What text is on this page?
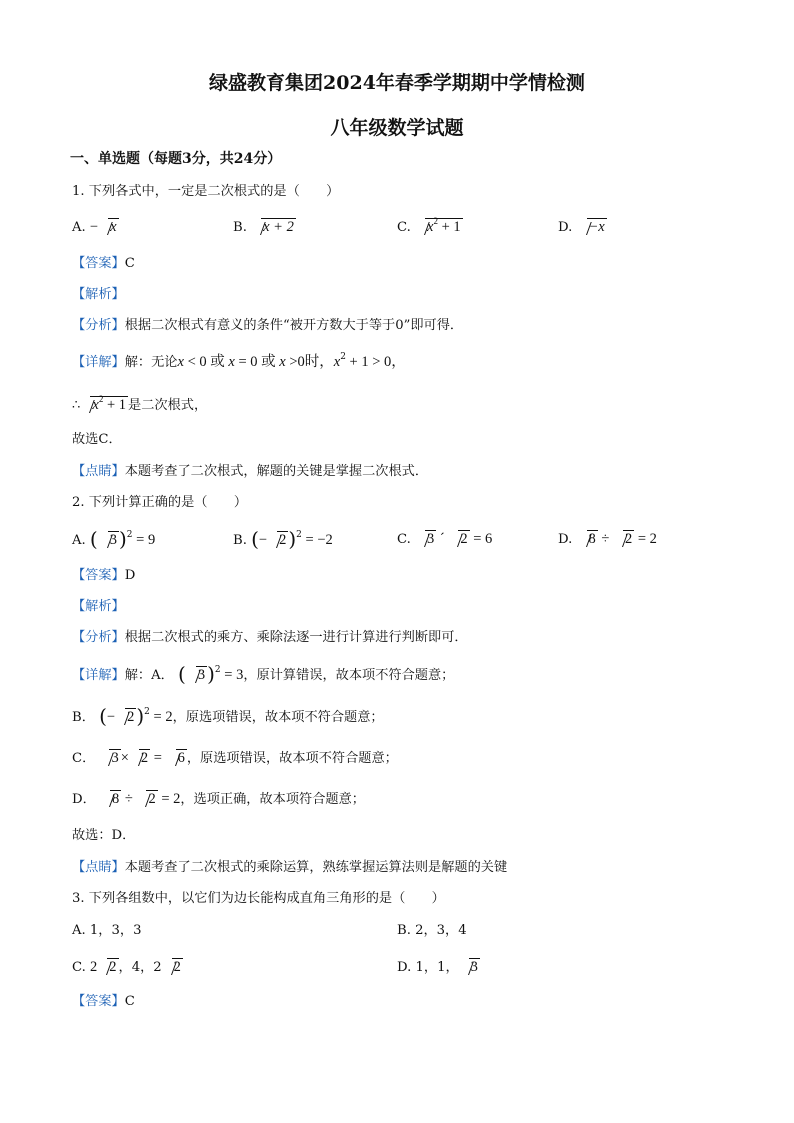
绿盛教育集团2024年春季学期期中学情检测
八年级数学试题
一、单选题（每题3分，共24分）
1. 下列各式中，一定是二次根式的是（　　）
A. − x	B. x + 2	C. $x^2 + 1$	D. −x
【答案】C
【解析】
【分析】根据二次根式有意义的条件“被开方数大于等于0”即可得．
【详解】解：无论x < 0 或 x = 0 或 x >0时，$x^2 + 1 > 0$，
∴ $x^2 + 1$ 是二次根式，
故选C．
【点睛】本题考查了二次根式，解题的关键是掌握二次根式．
2. 下列计算正确的是（　　）
A. ( 3 )$^2$ = 9	B. (− 2 )$^2$ = −2	C. 3 ´ 2 = 6	D. 8 ÷ 2 = 2
【答案】D
【解析】
【分析】根据二次根式的乘方、乘除法逐一进行计算进行判断即可．
【详解】解：A． ( 3 )$^2$ = 3，原计算错误，故本项不符合题意；
B． (− 2 )$^2$ = 2，原选项错误，故本项不符合题意；
C． 3 × 2 = 6 ，原选项错误，故本项不符合题意；
D． 8 ÷ 2 = 2，选项正确，故本项符合题意；
故选：D．
【点睛】本题考查了二次根式的乘除运算，熟练掌握运算法则是解题的关键
3. 下列各组数中，以它们为边长能构成直角三角形的是（　　）
A. 1，3，3	B. 2，3，4
C. 2 2 ，4，2 2	D. 1，1， 3
【答案】C
